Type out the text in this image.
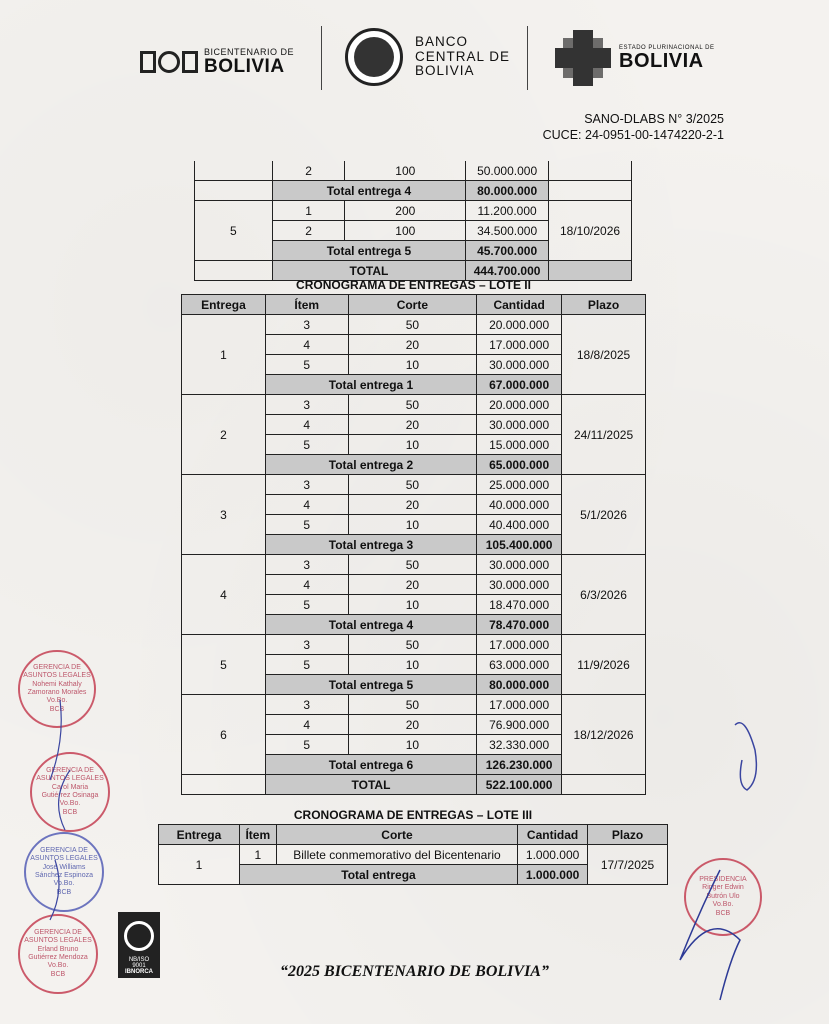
BICENTENARIO DE
BOLIVIA
BANCO
CENTRAL DE
BOLIVIA
ESTADO PLURINACIONAL DE
BOLIVIA
SANO-DLABS N° 3/2025
CUCE: 24-0951-00-1474220-2-1
	2	100	50.000.000	
	Total entrega 4		80.000.000	
5	1	200	11.200.000	18/10/2026
	2	100	34.500.000	
	Total entrega 5		45.700.000	
	TOTAL		444.700.000	
CRONOGRAMA DE ENTREGAS – LOTE II
Entrega	Ítem	Corte	Cantidad	Plazo
1	3	50	20.000.000	18/8/2025
	4	20	17.000.000	
	5	10	30.000.000	
	Total entrega 1		67.000.000	
2	3	50	20.000.000	24/11/2025
	4	20	30.000.000	
	5	10	15.000.000	
	Total entrega 2		65.000.000	
3	3	50	25.000.000	5/1/2026
	4	20	40.000.000	
	5	10	40.400.000	
	Total entrega 3		105.400.000	
4	3	50	30.000.000	6/3/2026
	4	20	30.000.000	
	5	10	18.470.000	
	Total entrega 4		78.470.000	
5	3	50	17.000.000	11/9/2026
	5	10	63.000.000	
	Total entrega 5		80.000.000	
6	3	50	17.000.000	18/12/2026
	4	20	76.900.000	
	5	10	32.330.000	
	Total entrega 6		126.230.000	
	TOTAL		522.100.000	
CRONOGRAMA DE ENTREGAS – LOTE III
Entrega	Ítem	Corte	Cantidad	Plazo
1	1	Billete conmemorativo del Bicentenario	1.000.000	17/7/2025
	Total entrega		1.000.000	
GERENCIA DE ASUNTOS LEGALES
Nohemi Kathaly
Zamorano Morales
Vo.Bo.
BCB
GERENCIA DE ASUNTOS LEGALES
Carol Maria
Gutiérrez Osinaga
Vo.Bo.
BCB
GERENCIA DE ASUNTOS LEGALES
José Williams
Sánchez Espinoza
Vo.Bo.
BCB
GERENCIA DE ASUNTOS LEGALES
Erland Bruno
Gutiérrez Mendoza
Vo.Bo.
BCB
PRESIDENCIA
Ringer Edwin
Butrón Ulo
Vo.Bo.
BCB
NB/ISO
9001
IBNORCA	“2025 BICENTENARIO DE BOLIVIA”
